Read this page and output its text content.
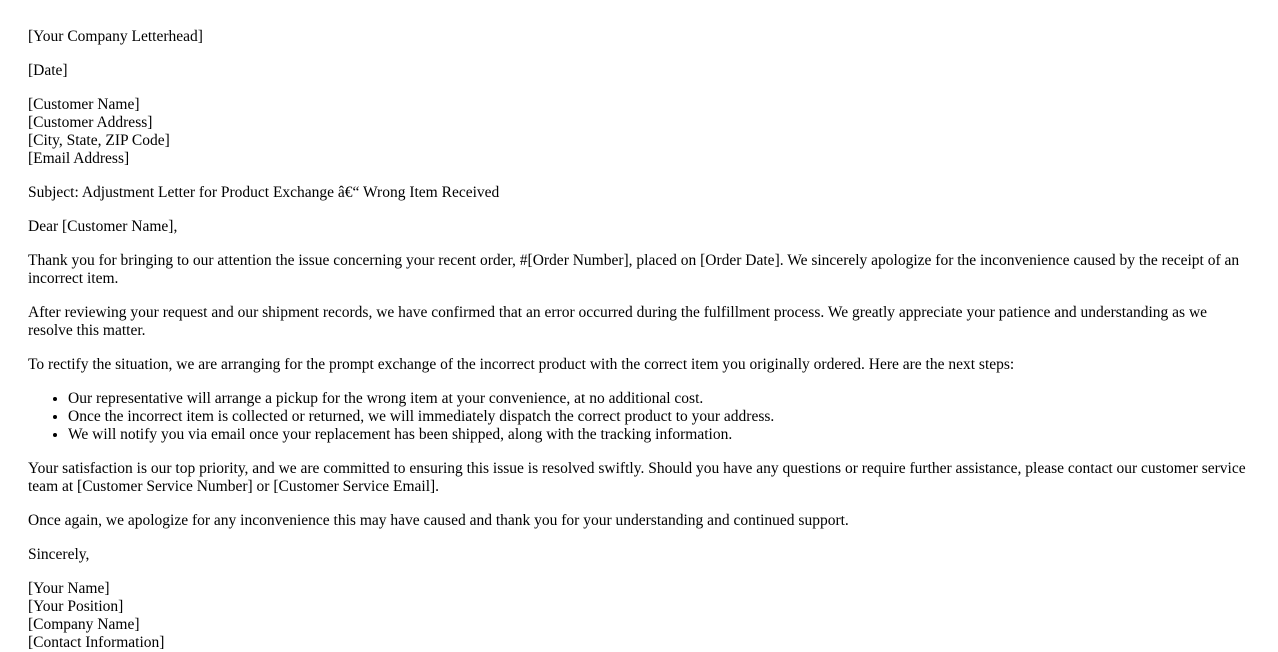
[Your Company Letterhead]

[Date]

[Customer Name]
[Customer Address]
[City, State, ZIP Code]
[Email Address]

Subject: Adjustment Letter for Product Exchange â€“ Wrong Item Received

Dear [Customer Name],

Thank you for bringing to our attention the issue concerning your recent order, #[Order Number], placed on [Order Date]. We sincerely apologize for the inconvenience caused by the receipt of an incorrect item.

After reviewing your request and our shipment records, we have confirmed that an error occurred during the fulfillment process. We greatly appreciate your patience and understanding as we resolve this matter.

To rectify the situation, we are arranging for the prompt exchange of the incorrect product with the correct item you originally ordered. Here are the next steps:

• Our representative will arrange a pickup for the wrong item at your convenience, at no additional cost.
• Once the incorrect item is collected or returned, we will immediately dispatch the correct product to your address.
• We will notify you via email once your replacement has been shipped, along with the tracking information.

Your satisfaction is our top priority, and we are committed to ensuring this issue is resolved swiftly. Should you have any questions or require further assistance, please contact our customer service team at [Customer Service Number] or [Customer Service Email].

Once again, we apologize for any inconvenience this may have caused and thank you for your understanding and continued support.

Sincerely,

[Your Name]
[Your Position]
[Company Name]
[Contact Information]
